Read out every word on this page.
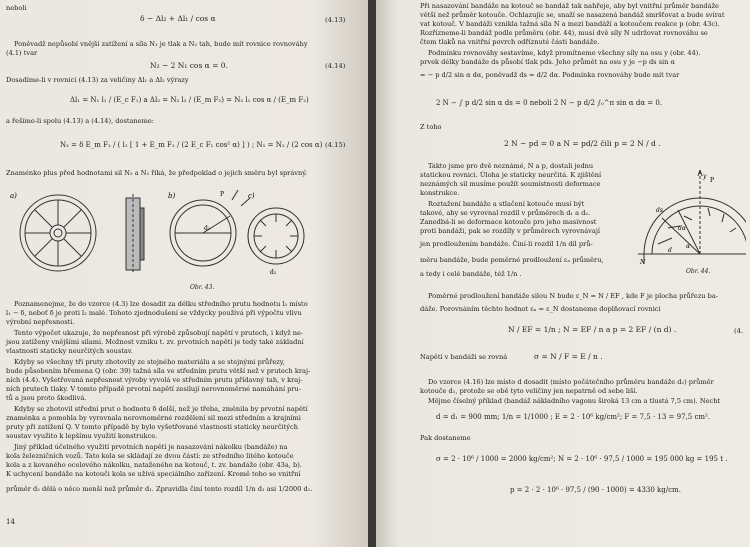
neboli
δ − Δl₂ + Δl₁ / cos α	(4.13)
Poněvadž nepůsobí vnější zatížení a síla N₁ je tlak a N₂ tah, bude mít rovnice rovnováhy
(4.1) tvar
N₂ − 2 N₁ cos α = 0.	(4.14)
Dosadíme-li v rovnici (4.13) za veličiny Δl₁ a Δl₂ výrazy
Δl₁ = N₁ l₁ / (E_c F₁) a Δl₂ = N₂ l₂ / (E_m F₂) = N₂ l₁ cos α / (E_m F₂)
a řešíme-li spolu (4.13) a (4.14), dostaneme:
N₂ = δ E_m F₂ / ( l₁ [ 1 + E_m F₂ / (2 E_c F₁ cos² α) ] ) ; N₁ = N₂ / (2 cos α) (4.15)
Znaménko plus před hodnotami sil N₂ a N₁ říká, že předpoklad o jejich směru byl správný.
a)	b)	c)
P
d₁
d₂
Obr. 43.
Poznamenejme, že do vzorce (4.3) lze dosadit za délku středního prutu hodnotu l₂ místo
l₁ − δ, neboť δ je proti l₂ malé. Tohoto zjednodušení se vždycky používá při výpočtu vlivu
výrobní nepřesnosti.
Tento výpočet ukazuje, že nepřesnost při výrobě způsobují napětí v prutech, i když ne-
jsou zatíženy vnějšími silami. Možnost vzniku t. zv. prvotních napětí je tedy také základní
vlastnosti staticky neurčitých soustav.
Kdyby se všechny tři pruty zhotovily ze stejného materiálu a se stejnými průřezy,
bude působením břemena Q (obr. 39) tažná síla ve středním prutu větší než v prutech kraj-
ních (4.4). Vyšetřovaná nepřesnost výroby vyvolá ve středním prutu přídavný tah, v kraj-
ních prutech tlaky. V tomto případě prvotní napětí zesilují nerovnoměrné namáhání pru-
tů a jsou proto škodlivá.
Kdyby se zhotovil střední prut o hodnotu δ delší, než je třeba, změnila by prvotní napětí
znaménka a pomohla by vyrovnala nerovnoměrné rozdělení sil mezi středním a krajními
pruty při zatížení Q. V tomto případě by bylo vyšetřované vlastnosti staticky neurčitých
soustav využito k lepšímu využití konstrukce.
Jiný příklad účelného využití prvotních napětí je nasazování nákolku (bandáže) na
kola železničních vozů. Tato kola se skládají ze dvou částí: ze středního litého kotouče
kola a z kovaného ocelového nákolku, natаženého na kotouč, t. zv. bandáže (obr. 43a, b).
K uchycení bandáže na kotouči kola se užívá speciálního zařízení. Kromě toho se vnitřní
průměr d₂ dělá o něco menší než průměr d₁. Zpravidla činí tento rozdíl 1/n d₁ asi 1/2000 d₁.
14
Při nasazování bandáže na kotouč se bandáž tak nahřeje, aby byl vnitřní průměr bandáže
větší než průměr kotouče. Ochlazujíc se, snaží se nasazená bandáž smršťovat a bude svírat
vat kotouč. V bandáži vznikla tažná síla N a mezi bandáží a kotoučem reakce p (obr. 43c).
Rozřízneme-li bandáž podle průměru (obr. 44), musí dvě síly N udržovat rovnováhu se
čtem tlaků na vnitřní povrch odříznuté části bandáže.
Podmínku rovnováhy sestavíme, když promítneme všechny síly na osu y (obr. 44).
prvek délky bandáže ds působí tlak pds. Jeho průmět na osu y je −p ds sin α
= − p d/2 sin α dα, poněvadž ds = d/2 dα. Podmínka rovnováhy bude mít tvar
2 N − ∫ p d/2 sin α ds = 0 neboli 2 N − p d/2 ∫₀^π sin α dα = 0.
Z toho
2 N − pd = 0 a N = pd/2 čili p = 2 N / d .
Takto jsme pro dvě neznámé, N a p, dostali jednu
statickou rovnici. Úloha je staticky neurčitá. K zjištění
neznámých sil musíme použít soumístnosti deformace
konstrukce.
Roztažení bandáže a stlačení kotouče musí být
takové, aby se vyrovnal rozdíl v průměrech d₁ a d₂.
Zanedbá-li se deformace kotouče pro jeho masivnost
proti bandáži, pak se rozdíly v průměrech vyrovnávají
jen prodloužením bandáže. Činí-li rozdíl 1/n díl prů-
měru bandáže, bude poměrné prodloužení εₙ průměru,
a tedy i celé bandáže, též 1/n .
P
ds
dα
α
y
N
d
Obr. 44.
Poměrné prodloužení bandáže silou N bude ε_N = N / EF , kde F je plocha průřezu ba-
dáže. Porovnáním těchto hodnot εₙ = ε_N dostaneme doplňovací rovnici
N / EF = 1/n ; N = EF / n a p = 2 EF / (n d) .	(4.
Napětí v bandáži se rovná	σ = N / F = E / n .
Do vzorce (4.16) lze místo d dosadit (místo počátečního průměru bandáže d₂) průměr
kotouče d₁, protože se obě tyto veličiny jen nepatrně od sebe liší.
Mějme číselný příklad (bandáž nákladního vagonu široká 13 cm a tlustá 7,5 cm). Necht
d = d₁ = 900 mm; 1/n = 1/1000 ; E = 2 · 10⁶ kg/cm²; F = 7,5 · 13 = 97,5 cm².
Pak dostaneme
σ = 2 · 10⁶ / 1000 = 2000 kg/cm²; N = 2 · 10⁶ · 97,5 / 1000 = 195 000 kg = 195 t .
p = 2 · 2 · 10⁶ · 97,5 / (90 · 1000) = 4330 kg/cm.
